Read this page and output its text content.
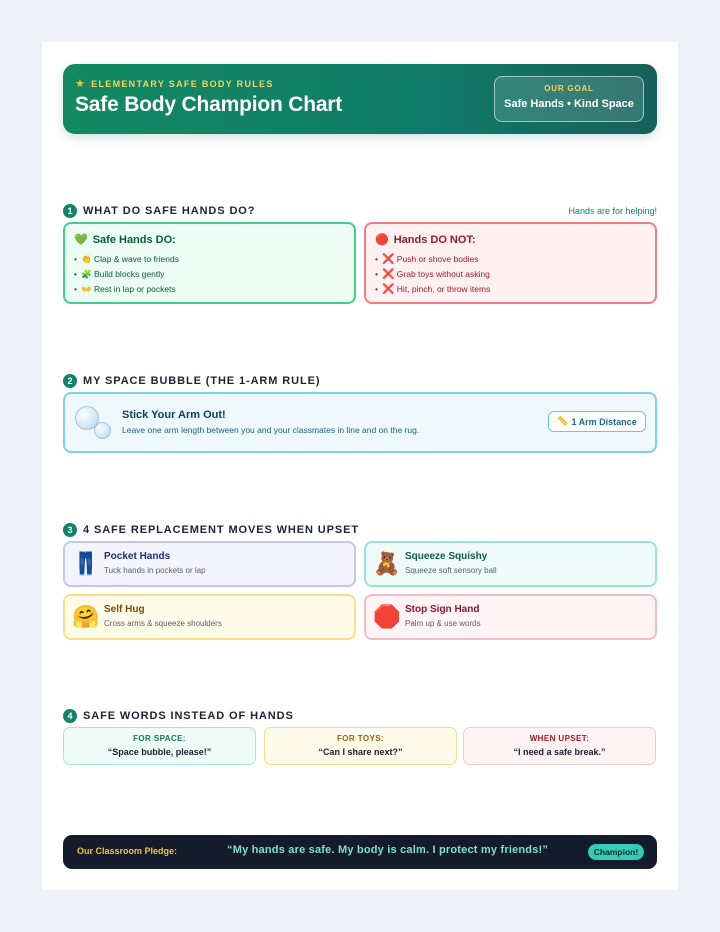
★ ELEMENTARY SAFE BODY RULES
Safe Body Champion Chart
OUR GOAL
Safe Hands • Kind Space
1 WHAT DO SAFE HANDS DO?	Hands are for helping!
💚 Safe Hands DO:
• 👏 Clap & wave to friends
• 🧩 Build blocks gently
• 👐 Rest in lap or pockets
🔴 Hands DO NOT:
• ❌ Push or shove bodies
• ❌ Grab toys without asking
• ❌ Hit, pinch, or throw items
2 MY SPACE BUBBLE (THE 1-ARM RULE)
Stick Your Arm Out!
Leave one arm length between you and your classmates in line and on the rug.
📏 1 Arm Distance
3 4 SAFE REPLACEMENT MOVES WHEN UPSET
👖 Pocket Hands
Tuck hands in pockets or lap	🧸 Squeeze Squishy
Squeeze soft sensory ball
🤗 Self Hug
Cross arms & squeeze shoulders	🛑 Stop Sign Hand
Palm up & use words
4 SAFE WORDS INSTEAD OF HANDS
FOR SPACE:
“Space bubble, please!”
FOR TOYS:
“Can I share next?”
WHEN UPSET:
“I need a safe break.”
Our Classroom Pledge:	“My hands are safe. My body is calm. I protect my friends!”	Champion!
